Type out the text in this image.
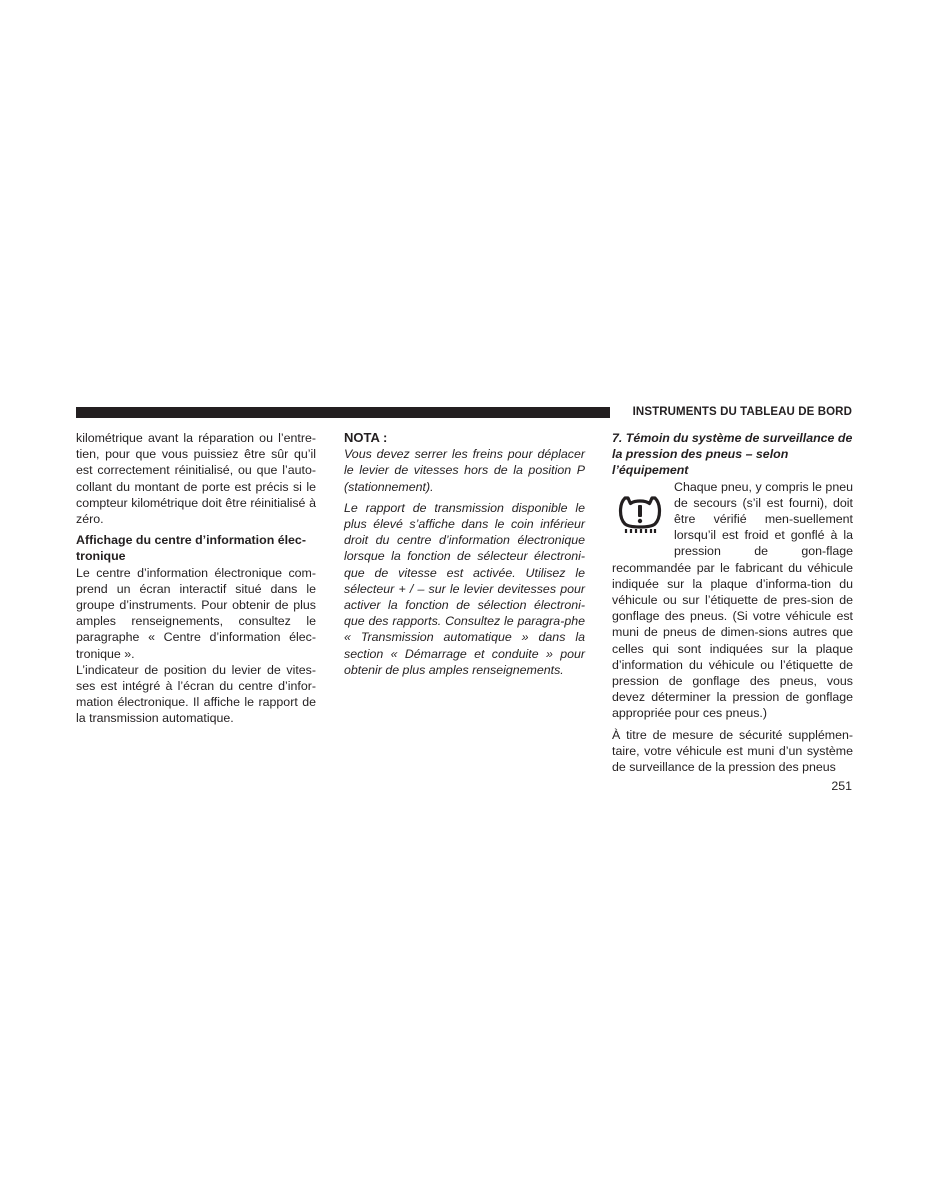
INSTRUMENTS DU TABLEAU DE BORD

kilométrique avant la réparation ou l’entre-tien, pour que vous puissiez être sûr qu’il est correctement réinitialisé, ou que l’auto-collant du montant de porte est précis si le compteur kilométrique doit être réinitialisé à zéro.

Affichage du centre d’information élec-tronique

Le centre d’information électronique com-prend un écran interactif situé dans le groupe d’instruments. Pour obtenir de plus amples renseignements, consultez le paragraphe « Centre d’information élec-tronique ».

L’indicateur de position du levier de vites-ses est intégré à l’écran du centre d’infor-mation électronique. Il affiche le rapport de la transmission automatique.

NOTA :

Vous devez serrer les freins pour déplacer le levier de vitesses hors de la position P (stationnement).

Le rapport de transmission disponible le plus élevé s’affiche dans le coin inférieur droit du centre d’information électronique lorsque la fonction de sélecteur électroni-que de vitesse est activée. Utilisez le sélecteur + / – sur le levier devitesses pour activer la fonction de sélection électroni-que des rapports. Consultez le paragra-phe « Transmission automatique » dans la section « Démarrage et conduite » pour obtenir de plus amples renseignements.

7. Témoin du système de surveillance de la pression des pneus – selon l’équipement

Chaque pneu, y compris le pneu de secours (s’il est fourni), doit être vérifié men-suellement lorsqu’il est froid et gonflé à la pression de gon-flage recommandée par le fabricant du véhicule indiquée sur la plaque d’informa-tion du véhicule ou sur l’étiquette de pres-sion de gonflage des pneus. (Si votre véhicule est muni de pneus de dimen-sions autres que celles qui sont indiquées sur la plaque d’information du véhicule ou l’étiquette de pression de gonflage des pneus, vous devez déterminer la pression de gonflage appropriée pour ces pneus.)

À titre de mesure de sécurité supplémen-taire, votre véhicule est muni d’un système de surveillance de la pression des pneus

251
